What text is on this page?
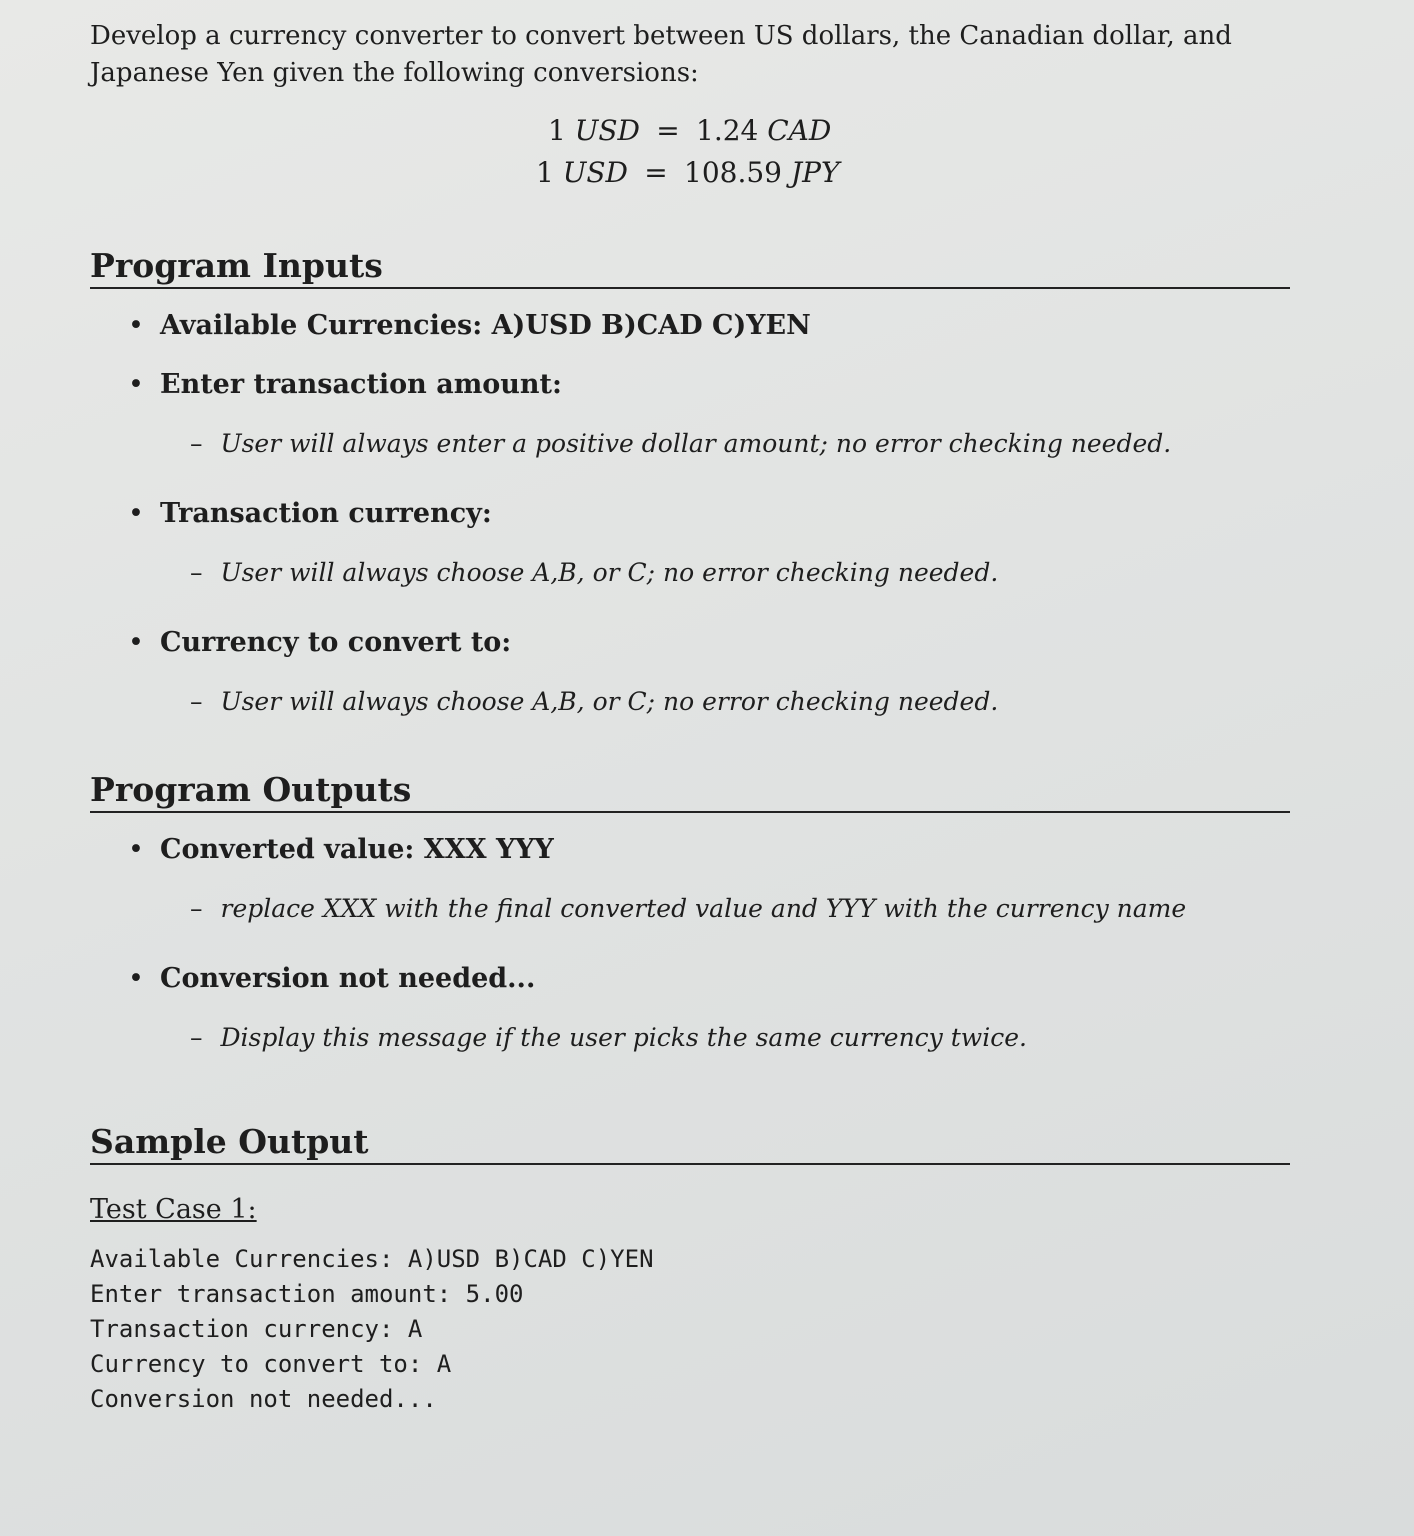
Develop a currency converter to convert between US dollars, the Canadian dollar, and Japanese Yen given the following conversions:

1 USD = 1.24 CAD
1 USD = 108.59 JPY
Program Inputs
• Available Currencies: A)USD B)CAD C)YEN
• Enter transaction amount:
– User will always enter a positive dollar amount; no error checking needed.
• Transaction currency:
– User will always choose A,B, or C; no error checking needed.
• Currency to convert to:
– User will always choose A,B, or C; no error checking needed.
Program Outputs
• Converted value: XXX YYY
– replace XXX with the final converted value and YYY with the currency name
• Conversion not needed...
– Display this message if the user picks the same currency twice.
Sample Output
Test Case 1:
Available Currencies: A)USD B)CAD C)YEN
Enter transaction amount: 5.00
Transaction currency: A
Currency to convert to: A
Conversion not needed...
